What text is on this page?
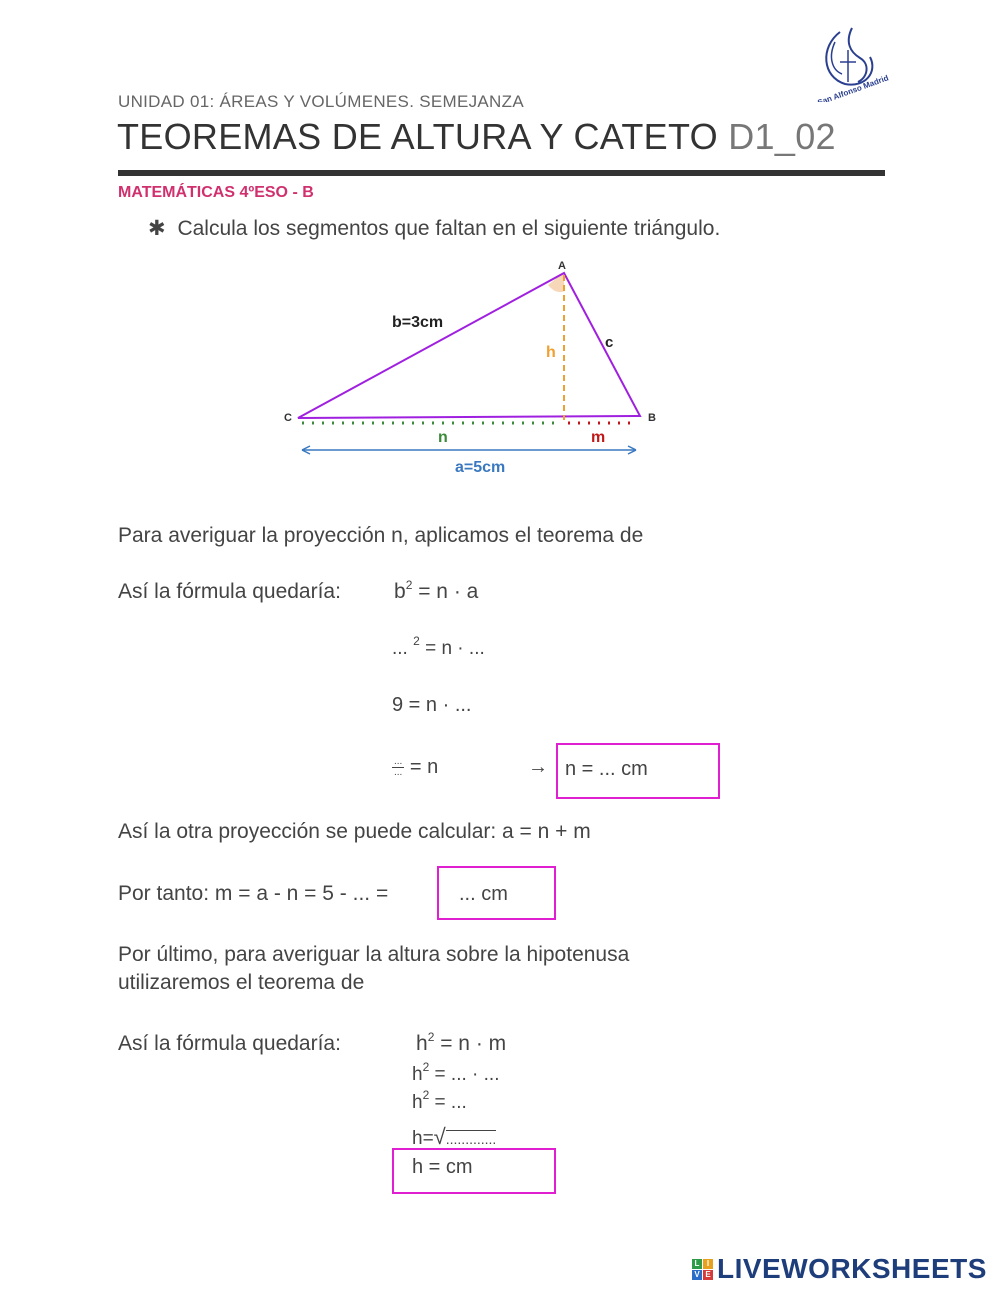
San Alfonso Madrid
UNIDAD 01: ÁREAS Y VOLÚMENES. SEMEJANZA
TEOREMAS DE ALTURA Y CATETO D1_02
MATEMÁTICAS 4ºESO - B
✱ Calcula los segmentos que faltan en el siguiente triángulo.
A
B
C
b=3cm
c
h
n	m
a=5cm
Para averiguar la proyección n, aplicamos el teorema de
Así la fórmula quedaría:	$b^2 = n \cdot a$
... $^2$ = n · ...
9 = n · ...
$\frac{...}{...} = n$	→ n = ... cm
Así la otra proyección se puede calcular: a = n + m
Por tanto: m = a - n = 5 - ... =	... cm
Por último, para averiguar la altura sobre la hipotenusa
utilizaremos el teorema de
Así la fórmula quedaría:	$h^2 = n \cdot m$
$h^2$ = ... · ...
$h^2$ = ...
h=√.............
h = cm
L I
V E LIVEWORKSHEETS
